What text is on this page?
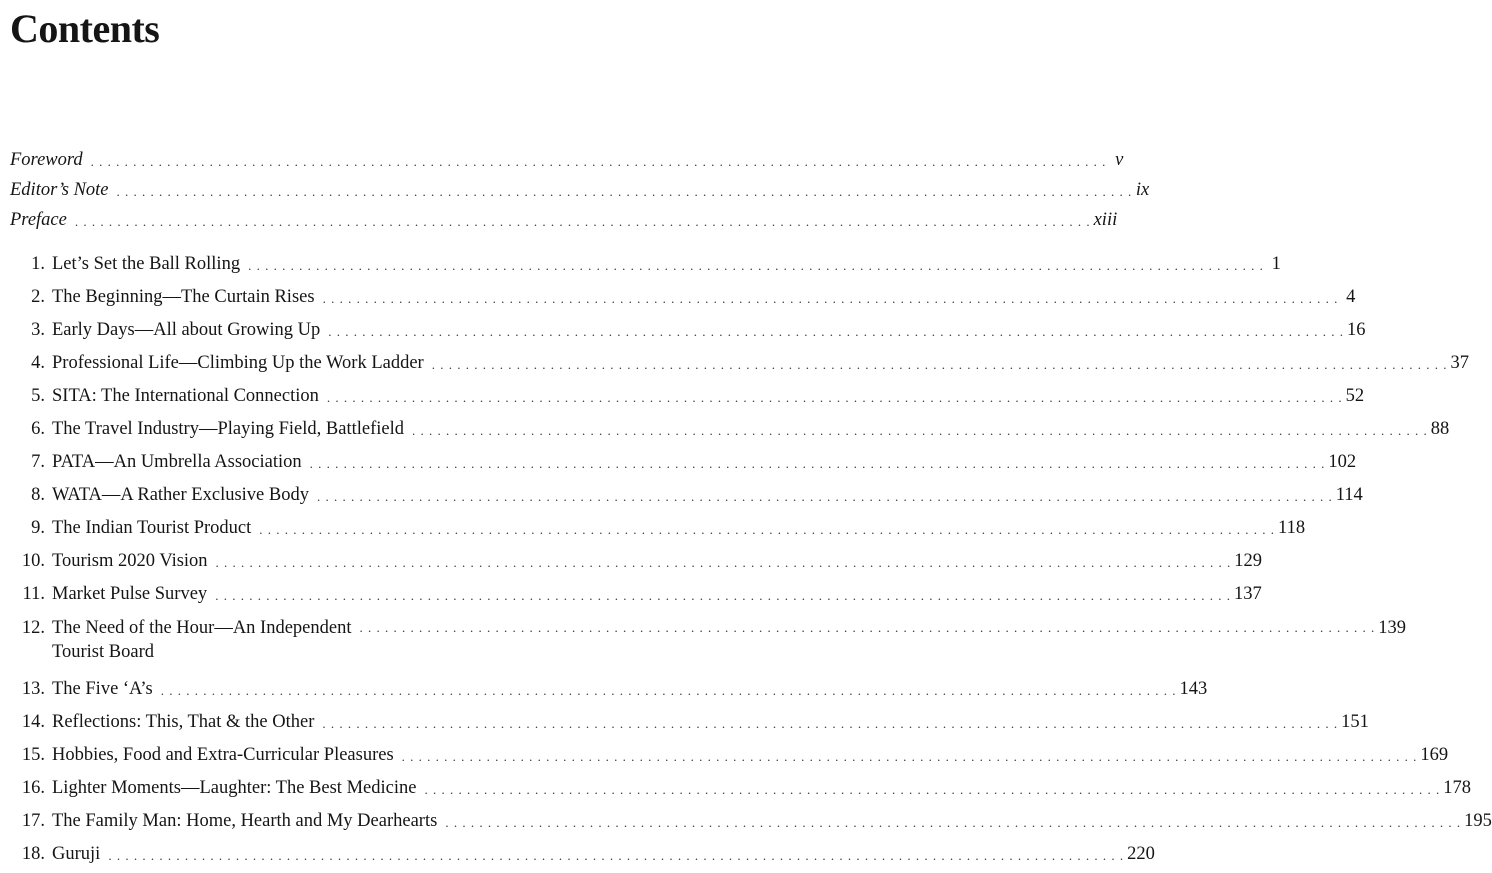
Contents
Foreword . . . . . . . . . . . . . . . . . . . . . . . . . . . . . . . . . . . . . . . . . . . . . . . . . . . . . . . . . . . . . . . . . . . . . . . . . . . . . . . . . . . . . . . . . . . . . . . . . . . . . . . . . . . . . . . . . . . . . . . . v
Editor’s Note . . . . . . . . . . . . . . . . . . . . . . . . . . . . . . . . . . . . . . . . . . . . . . . . . . . . . . . . . . . . . . . . . . . . . . . . . . . . . . . . . . . . . . . . . . . . . . . . . . . . . . . . . . . . . . . . . . . . . . . . ix
Preface . . . . . . . . . . . . . . . . . . . . . . . . . . . . . . . . . . . . . . . . . . . . . . . . . . . . . . . . . . . . . . . . . . . . . . . . . . . . . . . . . . . . . . . . . . . . . . . . . . . . . . . . . . . . . . . . . . . . . . . . xiii
1. Let’s Set the Ball Rolling . . . . . . . . . . . . . . . . . . . . . . . . . . . . . . . . . . . . . . . . . . . . . . . . . . . . . . . . . . . . . . . . . . . . . . . . . . . . . . . . . . . . . . . . . . . . . . . . . . . . . . . . . . . . . . . . . . . . . . . . 1
2. The Beginning—The Curtain Rises . . . . . . . . . . . . . . . . . . . . . . . . . . . . . . . . . . . . . . . . . . . . . . . . . . . . . . . . . . . . . . . . . . . . . . . . . . . . . . . . . . . . . . . . . . . . . . . . . . . . . . . . . . . . . . . . . . . . . . . . 4
3. Early Days—All about Growing Up . . . . . . . . . . . . . . . . . . . . . . . . . . . . . . . . . . . . . . . . . . . . . . . . . . . . . . . . . . . . . . . . . . . . . . . . . . . . . . . . . . . . . . . . . . . . . . . . . . . . . . . . . . . . . . . . . . . . . . . . 16
4. Professional Life—Climbing Up the Work Ladder . . . . . . . . . . . . . . . . . . . . . . . . . . . . . . . . . . . . . . . . . . . . . . . . . . . . . . . . . . . . . . . . . . . . . . . . . . . . . . . . . . . . . . . . . . . . . . . . . . . . . . . . . . . . . . . . . . . . . . . . 37
5. SITA: The International Connection . . . . . . . . . . . . . . . . . . . . . . . . . . . . . . . . . . . . . . . . . . . . . . . . . . . . . . . . . . . . . . . . . . . . . . . . . . . . . . . . . . . . . . . . . . . . . . . . . . . . . . . . . . . . . . . . . . . . . . . . 52
6. The Travel Industry—Playing Field, Battlefield . . . . . . . . . . . . . . . . . . . . . . . . . . . . . . . . . . . . . . . . . . . . . . . . . . . . . . . . . . . . . . . . . . . . . . . . . . . . . . . . . . . . . . . . . . . . . . . . . . . . . . . . . . . . . . . . . . . . . . . . 88
7. PATA—An Umbrella Association . . . . . . . . . . . . . . . . . . . . . . . . . . . . . . . . . . . . . . . . . . . . . . . . . . . . . . . . . . . . . . . . . . . . . . . . . . . . . . . . . . . . . . . . . . . . . . . . . . . . . . . . . . . . . . . . . . . . . . . . 102
8. WATA—A Rather Exclusive Body . . . . . . . . . . . . . . . . . . . . . . . . . . . . . . . . . . . . . . . . . . . . . . . . . . . . . . . . . . . . . . . . . . . . . . . . . . . . . . . . . . . . . . . . . . . . . . . . . . . . . . . . . . . . . . . . . . . . . . . . 114
9. The Indian Tourist Product . . . . . . . . . . . . . . . . . . . . . . . . . . . . . . . . . . . . . . . . . . . . . . . . . . . . . . . . . . . . . . . . . . . . . . . . . . . . . . . . . . . . . . . . . . . . . . . . . . . . . . . . . . . . . . . . . . . . . . . . 118
10. Tourism 2020 Vision . . . . . . . . . . . . . . . . . . . . . . . . . . . . . . . . . . . . . . . . . . . . . . . . . . . . . . . . . . . . . . . . . . . . . . . . . . . . . . . . . . . . . . . . . . . . . . . . . . . . . . . . . . . . . . . . . . . . . . . . 129
11. Market Pulse Survey . . . . . . . . . . . . . . . . . . . . . . . . . . . . . . . . . . . . . . . . . . . . . . . . . . . . . . . . . . . . . . . . . . . . . . . . . . . . . . . . . . . . . . . . . . . . . . . . . . . . . . . . . . . . . . . . . . . . . . . . 137
12. The Need of the Hour—An Independent
Tourist Board
. . . . . . . . . . . . . . . . . . . . . . . . . . . . . . . . . . . . . . . . . . . . . . . . . . . . . . . . . . . . . . . . . . . . . . . . . . . . . . . . . . . . . . . . . . . . . . . . . . . . . . . . . . . . . . . . . . . . . . . . 139
13. The Five ‘A’s . . . . . . . . . . . . . . . . . . . . . . . . . . . . . . . . . . . . . . . . . . . . . . . . . . . . . . . . . . . . . . . . . . . . . . . . . . . . . . . . . . . . . . . . . . . . . . . . . . . . . . . . . . . . . . . . . . . . . . . . 143
14. Reflections: This, That & the Other . . . . . . . . . . . . . . . . . . . . . . . . . . . . . . . . . . . . . . . . . . . . . . . . . . . . . . . . . . . . . . . . . . . . . . . . . . . . . . . . . . . . . . . . . . . . . . . . . . . . . . . . . . . . . . . . . . . . . . . . 151
15. Hobbies, Food and Extra-Curricular Pleasures . . . . . . . . . . . . . . . . . . . . . . . . . . . . . . . . . . . . . . . . . . . . . . . . . . . . . . . . . . . . . . . . . . . . . . . . . . . . . . . . . . . . . . . . . . . . . . . . . . . . . . . . . . . . . . . . . . . . . . . . 169
16. Lighter Moments—Laughter: The Best Medicine . . . . . . . . . . . . . . . . . . . . . . . . . . . . . . . . . . . . . . . . . . . . . . . . . . . . . . . . . . . . . . . . . . . . . . . . . . . . . . . . . . . . . . . . . . . . . . . . . . . . . . . . . . . . . . . . . . . . . . . . 178
17. The Family Man: Home, Hearth and My Dearhearts . . . . . . . . . . . . . . . . . . . . . . . . . . . . . . . . . . . . . . . . . . . . . . . . . . . . . . . . . . . . . . . . . . . . . . . . . . . . . . . . . . . . . . . . . . . . . . . . . . . . . . . . . . . . . . . . . . . . . . . . 195
18. Guruji . . . . . . . . . . . . . . . . . . . . . . . . . . . . . . . . . . . . . . . . . . . . . . . . . . . . . . . . . . . . . . . . . . . . . . . . . . . . . . . . . . . . . . . . . . . . . . . . . . . . . . . . . . . . . . . . . . . . . . . . 220
